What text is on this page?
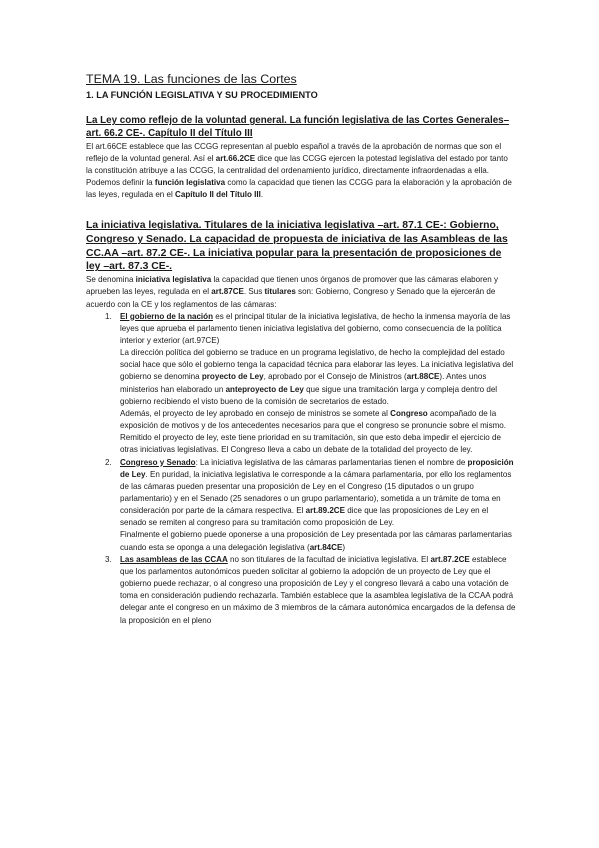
TEMA 19. Las funciones de las Cortes
1. LA FUNCIÓN LEGISLATIVA Y SU PROCEDIMIENTO
La Ley como reflejo de la voluntad general. La función legislativa de las Cortes Generales–art. 66.2 CE-. Capítulo II del Título III

El art.66CE establece que las CCGG representan al pueblo español a través de la aprobación de normas que son el reflejo de la voluntad general. Así el art.66.2CE dice que las CCGG ejercen la potestad legislativa del estado por tanto la constitución atribuye a las CCGG, la centralidad del ordenamiento jurídico, directamente infraordenadas a ella.

Podemos definir la función legislativa como la capacidad que tienen las CCGG para la elaboración y la aprobación de las leyes, regulada en el Capítulo II del Título III.

La iniciativa legislativa. Titulares de la iniciativa legislativa –art. 87.1 CE-: Gobierno, Congreso y Senado. La capacidad de propuesta de iniciativa de las Asambleas de las CC.AA –art. 87.2 CE-. La iniciativa popular para la presentación de proposiciones de ley –art. 87.3 CE-.

Se denomina iniciativa legislativa la capacidad que tienen unos órganos de promover que las cámaras elaboren y aprueben las leyes, regulada en el art.87CE. Sus titulares son: Gobierno, Congreso y Senado que la ejercerán de acuerdo con la CE y los reglamentos de las cámaras:

1. El gobierno de la nación es el principal titular de la iniciativa legislativa, de hecho la inmensa mayoría de las leyes que aprueba el parlamento tienen iniciativa legislativa del gobierno, como consecuencia de la política interior y exterior (art.97CE)

La dirección política del gobierno se traduce en un programa legislativo, de hecho la complejidad del estado social hace que sólo el gobierno tenga la capacidad técnica para elaborar las leyes. La iniciativa legislativa del gobierno se denomina proyecto de Ley, aprobado por el Consejo de Ministros (art.88CE). Antes unos ministerios han elaborado un anteproyecto de Ley que sigue una tramitación larga y compleja dentro del gobierno recibiendo el visto bueno de la comisión de secretarios de estado.

Además, el proyecto de ley aprobado en consejo de ministros se somete al Congreso acompañado de la exposición de motivos y de los antecedentes necesarios para que el congreso se pronuncie sobre el mismo. Remitido el proyecto de ley, este tiene prioridad en su tramitación, sin que esto deba impedir el ejercicio de otras iniciativas legislativas. El Congreso lleva a cabo un debate de la totalidad del proyecto de ley.

2. Congreso y Senado: La iniciativa legislativa de las cámaras parlamentarias tienen el nombre de proposición de Ley. En puridad, la iniciativa legislativa le corresponde a la cámara parlamentaria, por ello los reglamentos de las cámaras pueden presentar una proposición de Ley en el Congreso (15 diputados o un grupo parlamentario) y en el Senado (25 senadores o un grupo parlamentario), sometida a un trámite de toma en consideración por parte de la cámara respectiva. El art.89.2CE dice que las proposiciones de Ley en el senado se remiten al congreso para su tramitación como proposición de Ley.

Finalmente el gobierno puede oponerse a una proposición de Ley presentada por las cámaras parlamentarias cuando esta se oponga a una delegación legislativa (art.84CE)

3. Las asambleas de las CCAA no son titulares de la facultad de iniciativa legislativa. El art.87.2CE establece que los parlamentos autonómicos pueden solicitar al gobierno la adopción de un proyecto de Ley que el gobierno puede rechazar, o al congreso una proposición de Ley y el congreso llevará a cabo una votación de toma en consideración pudiendo rechazarla. También establece que la asamblea legislativa de la CCAA podrá delegar ante el congreso en un máximo de 3 miembros de la cámara autonómica encargados de la defensa de la proposición en el pleno
